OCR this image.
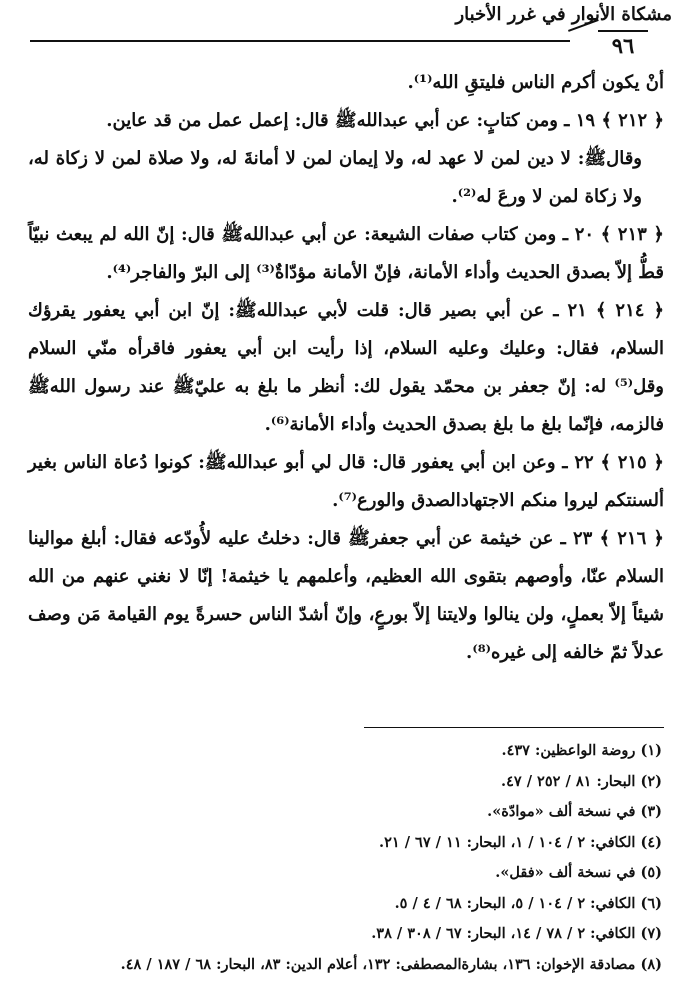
مشكاة الأنوار في غرر الأخبار
٩٦

أنْ يكون أكرم الناس فليتقِ الله⁽¹⁾.

﴿ ٢١٢ ﴾ ١٩ ـ ومن كتابٍ: عن أبي عبدالله‌ﷺ قال: إعمل عمل من قد عاين.

وقال‌ﷺ: لا دين لمن لا عهد له، ولا إيمان لمن لا أمانةَ له، ولا صلاة لمن لا زكاة له، ولا زكاة لمن لا ورعَ له⁽²⁾.

﴿ ٢١٣ ﴾ ٢٠ ـ ومن كتاب صفات الشيعة: عن أبي عبدالله‌ﷺ قال: إنّ الله لم يبعث نبيّاً قطُّ إلاّ بصدق الحديث وأداء الأمانة، فإنّ الأمانة مؤدّاةٌ⁽³⁾ إلى البرّ والفاجر⁽⁴⁾.

﴿ ٢١٤ ﴾ ٢١ ـ عن أبي بصير قال: قلت لأبي عبدالله‌ﷺ: إنّ ابن أبي يعفور يقرؤك السلام، فقال: وعليك وعليه السلام، إذا رأيت ابن أبي يعفور فاقرأه منّي السلام وقل⁽⁵⁾ له: إنّ جعفر بن محمّد يقول لك: أنظر ما بلغ به عليّ‌ﷺ عند رسول الله‌ﷺ فالزمه، فإنّما بلغ ما بلغ بصدق الحديث وأداء الأمانة⁽⁶⁾.

﴿ ٢١٥ ﴾ ٢٢ ـ وعن ابن أبي يعفور قال: قال لي أبو عبدالله‌ﷺ: كونوا دُعاة الناس بغير ألسنتكم ليروا منكم الاجتهادالصدق والورع⁽⁷⁾.

﴿ ٢١٦ ﴾ ٢٣ ـ عن خيثمة عن أبي جعفر‌ﷺ قال: دخلتُ عليه لأُودّعه فقال: أبلغ موالينا السلام عنّا، وأوصهم بتقوى الله العظيم، وأعلمهم يا خيثمة! إنّا لا نغني عنهم من الله شيئاً إلاّ بعملٍ، ولن ينالوا ولايتنا إلاّ بورعٍ، وإنّ أشدّ الناس حسرةً يوم القيامة مَن وصف عدلاً ثمّ خالفه إلى غيره⁽⁸⁾.

(١) روضة الواعظين: ٤٣٧.
(٢) البحار: ٨١ / ٢٥٢ / ٤٧.
(٣) في نسخة ألف «موادّة».
(٤) الكافي: ٢ / ١٠٤ / ١، البحار: ١١ / ٦٧ / ٢١.
(٥) في نسخة ألف «فقل».
(٦) الكافي: ٢ / ١٠٤ / ٥، البحار: ٦٨ / ٤ / ٥.
(٧) الكافي: ٢ / ٧٨ / ١٤، البحار: ٦٧ / ٣٠٨ / ٣٨.
(٨) مصادقة الإخوان: ١٣٦، بشارةالمصطفى: ١٣٢، أعلام الدين: ٨٣، البحار: ٦٨ / ١٨٧ / ٤٨.
